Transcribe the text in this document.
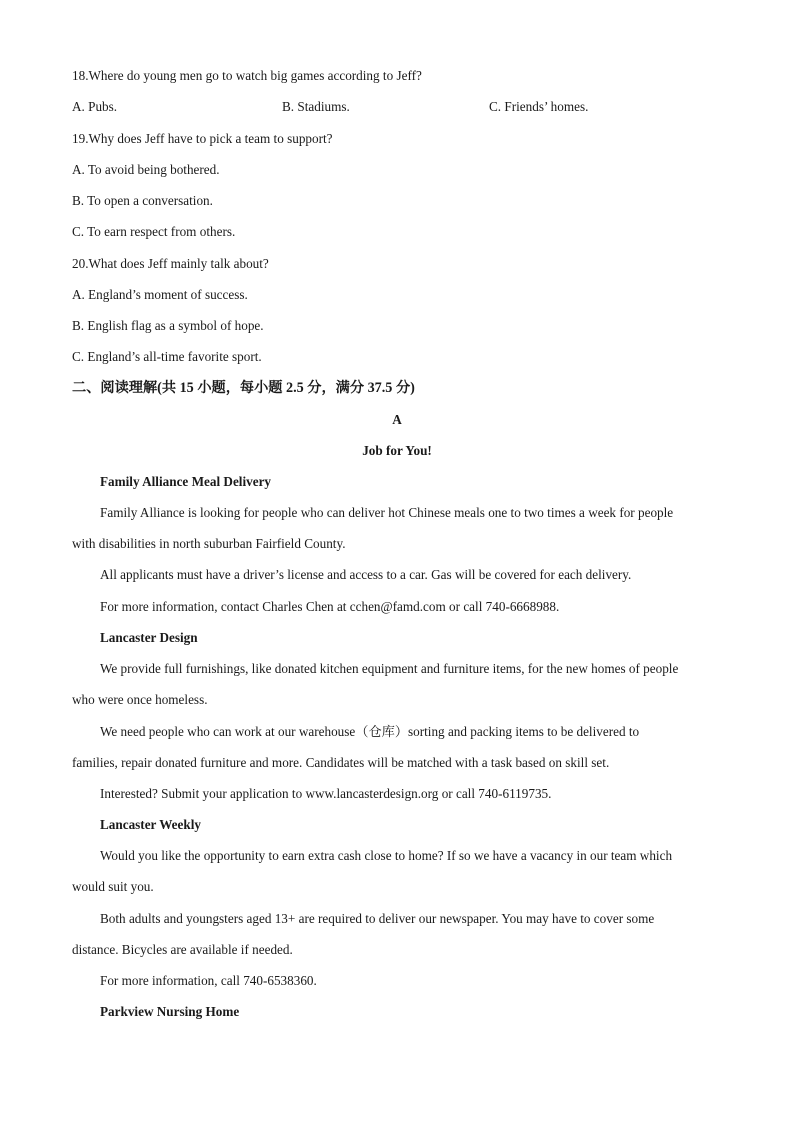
18.Where do young men go to watch big games according to Jeff?
A. Pubs.	B. Stadiums.	C. Friends’ homes.
19.Why does Jeff have to pick a team to support?
A. To avoid being bothered.
B. To open a conversation.
C. To earn respect from others.
20.What does Jeff mainly talk about?
A. England’s moment of success.
B. English flag as a symbol of hope.
C. England’s all-time favorite sport.
二、阅读理解(共 15 小题，每小题 2.5 分，满分 37.5 分)
A
Job for You!
Family Alliance Meal Delivery
Family Alliance is looking for people who can deliver hot Chinese meals one to two times a week for people
with disabilities in north suburban Fairfield County.
All applicants must have a driver’s license and access to a car. Gas will be covered for each delivery.
For more information, contact Charles Chen at cchen@famd.com or call 740-6668988.
Lancaster Design
We provide full furnishings, like donated kitchen equipment and furniture items, for the new homes of people
who were once homeless.
We need people who can work at our warehouse（仓库）sorting and packing items to be delivered to
families, repair donated furniture and more. Candidates will be matched with a task based on skill set.
Interested? Submit your application to www.lancasterdesign.org or call 740-6119735.
Lancaster Weekly
Would you like the opportunity to earn extra cash close to home? If so we have a vacancy in our team which
would suit you.
Both adults and youngsters aged 13+ are required to deliver our newspaper. You may have to cover some
distance. Bicycles are available if needed.
For more information, call 740-6538360.
Parkview Nursing Home
